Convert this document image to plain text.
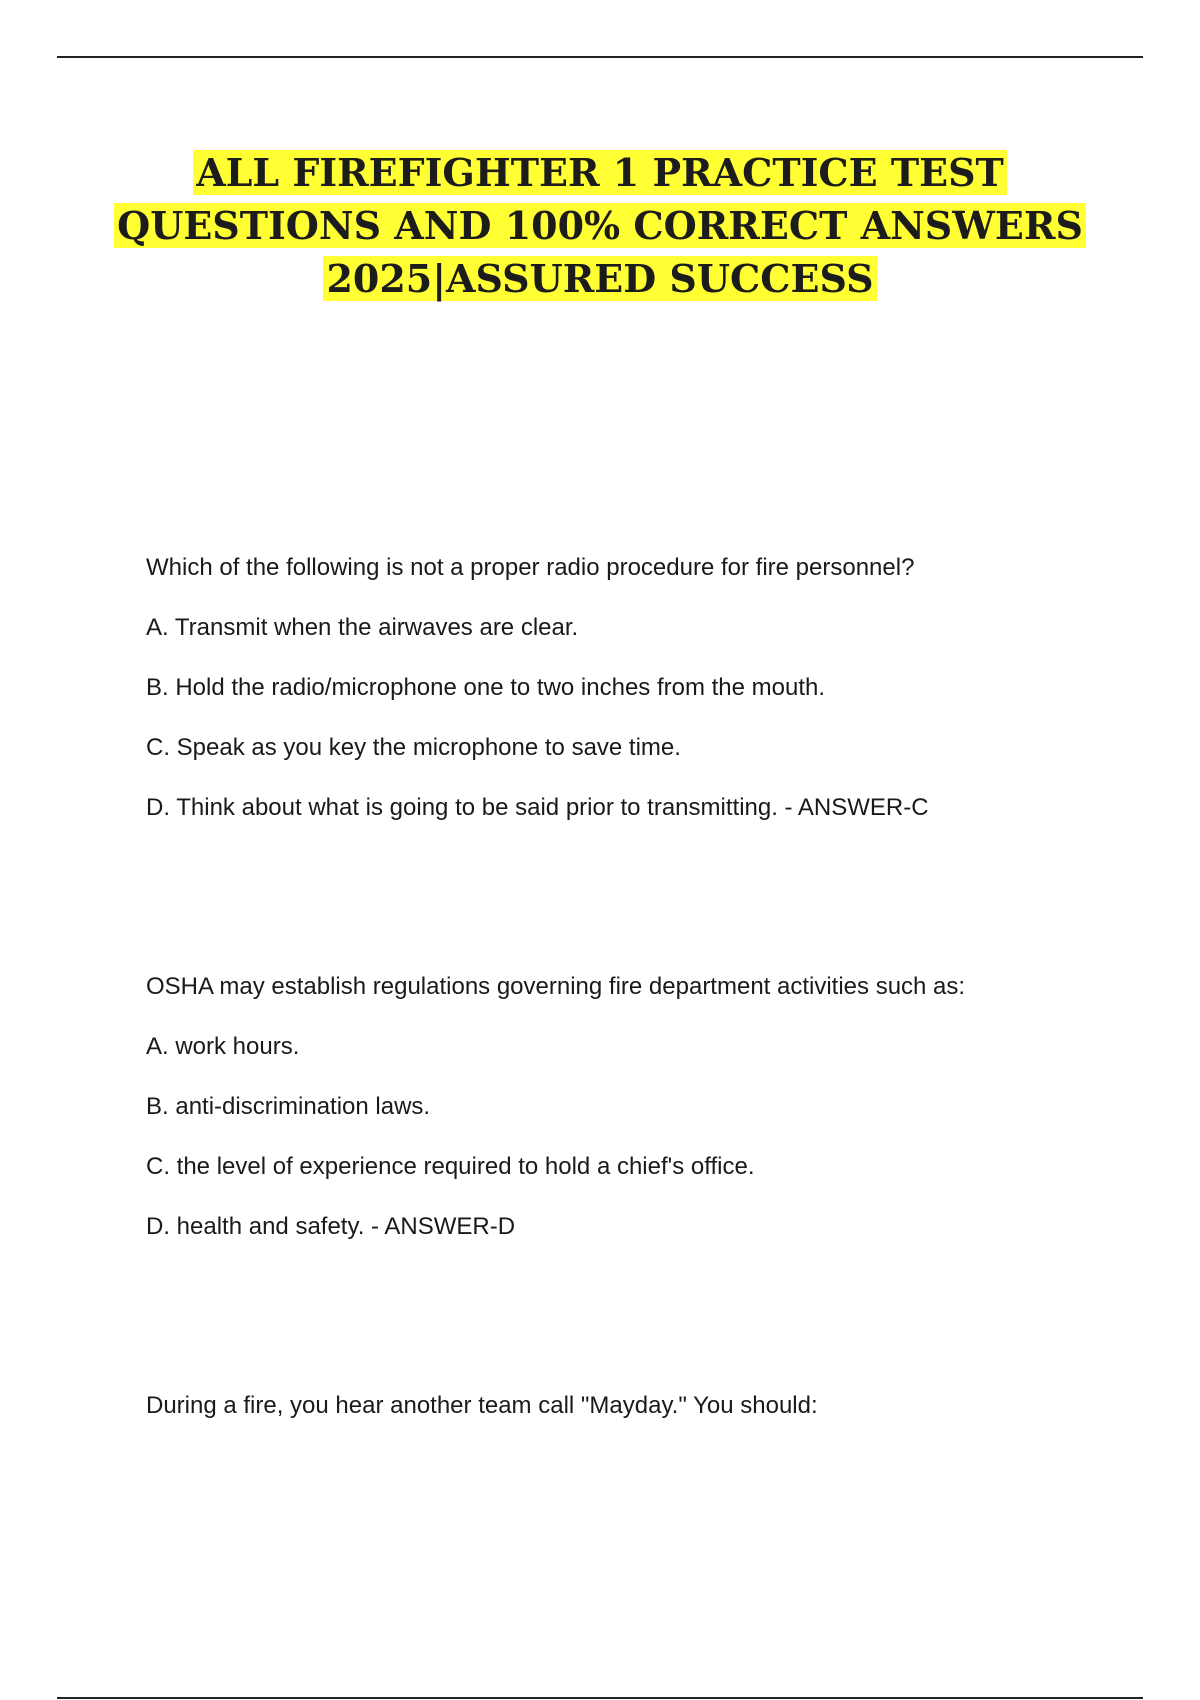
ALL FIREFIGHTER 1 PRACTICE TEST
QUESTIONS AND 100% CORRECT ANSWERS
2025|ASSURED SUCCESS

Which of the following is not a proper radio procedure for fire personnel?

A. Transmit when the airwaves are clear.

B. Hold the radio/microphone one to two inches from the mouth.

C. Speak as you key the microphone to save time.

D. Think about what is going to be said prior to transmitting. - ANSWER-C

OSHA may establish regulations governing fire department activities such as:

A. work hours.

B. anti-discrimination laws.

C. the level of experience required to hold a chief's office.

D. health and safety. - ANSWER-D

During a fire, you hear another team call "Mayday." You should:
